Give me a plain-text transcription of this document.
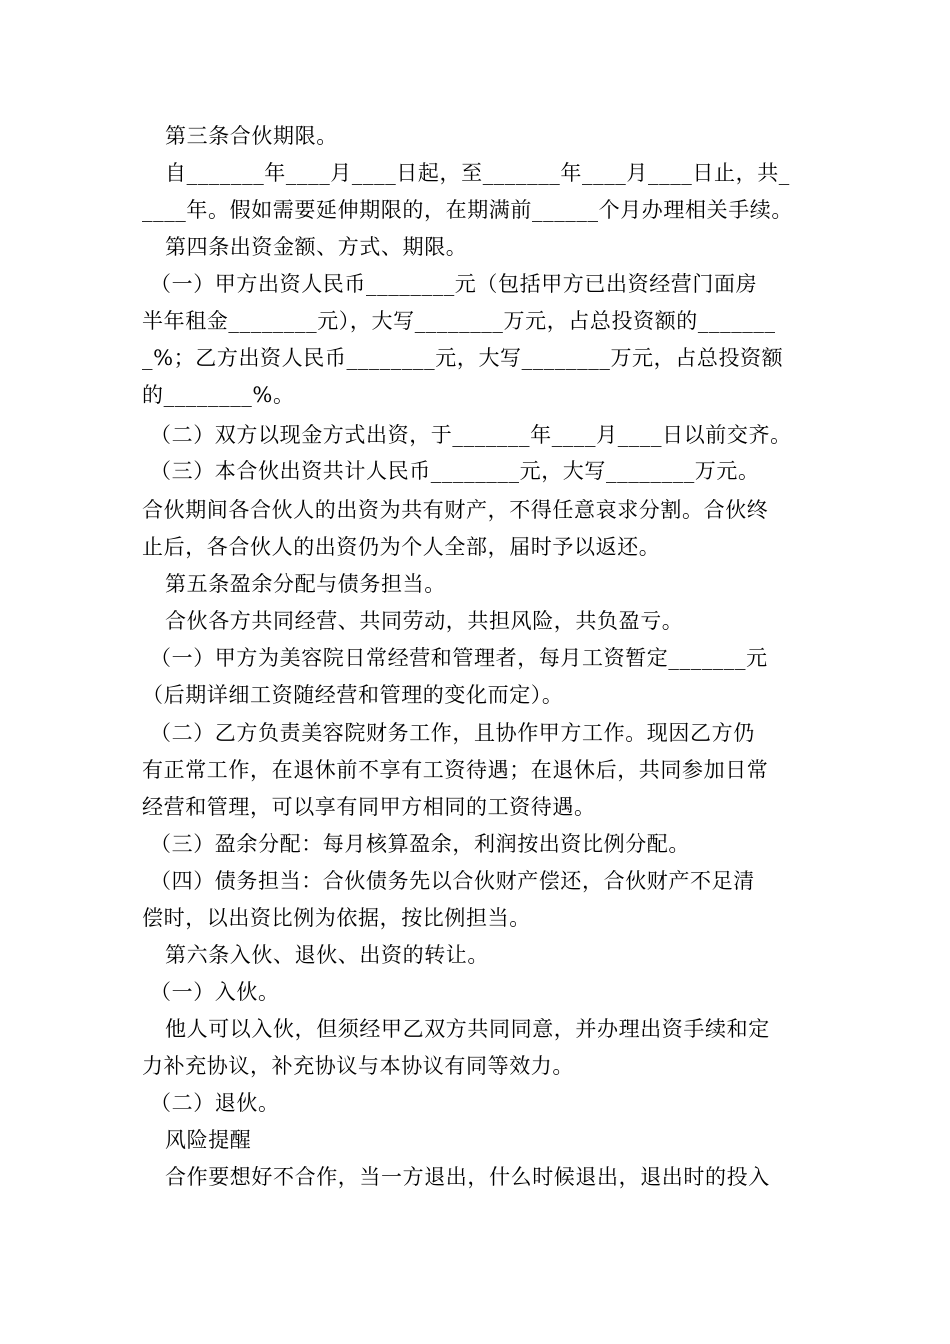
第三条合伙期限。
自_______年____月____日起，至_______年____月____日止，共_
____年。假如需要延伸期限的，在期满前______个月办理相关手续。
第四条出资金额、方式、期限。
（一）甲方出资人民币________元（包括甲方已出资经营门面房
半年租金________元），大写________万元，占总投资额的_______
_%；乙方出资人民币________元，大写________万元，占总投资额
的________%。
（二）双方以现金方式出资，于_______年____月____日以前交齐。
（三）本合伙出资共计人民币________元，大写________万元。
合伙期间各合伙人的出资为共有财产，不得任意哀求分割。合伙终
止后，各合伙人的出资仍为个人全部，届时予以返还。
第五条盈余分配与债务担当。
合伙各方共同经营、共同劳动，共担风险，共负盈亏。
（一）甲方为美容院日常经营和管理者，每月工资暂定_______元
（后期详细工资随经营和管理的变化而定）。
（二）乙方负责美容院财务工作，且协作甲方工作。现因乙方仍
有正常工作，在退休前不享有工资待遇；在退休后，共同参加日常
经营和管理，可以享有同甲方相同的工资待遇。
（三）盈余分配：每月核算盈余，利润按出资比例分配。
（四）债务担当：合伙债务先以合伙财产偿还，合伙财产不足清
偿时，以出资比例为依据，按比例担当。
第六条入伙、退伙、出资的转让。
（一）入伙。
他人可以入伙，但须经甲乙双方共同同意，并办理出资手续和定
力补充协议，补充协议与本协议有同等效力。
（二）退伙。
风险提醒
合作要想好不合作，当一方退出，什么时候退出，退出时的投入
